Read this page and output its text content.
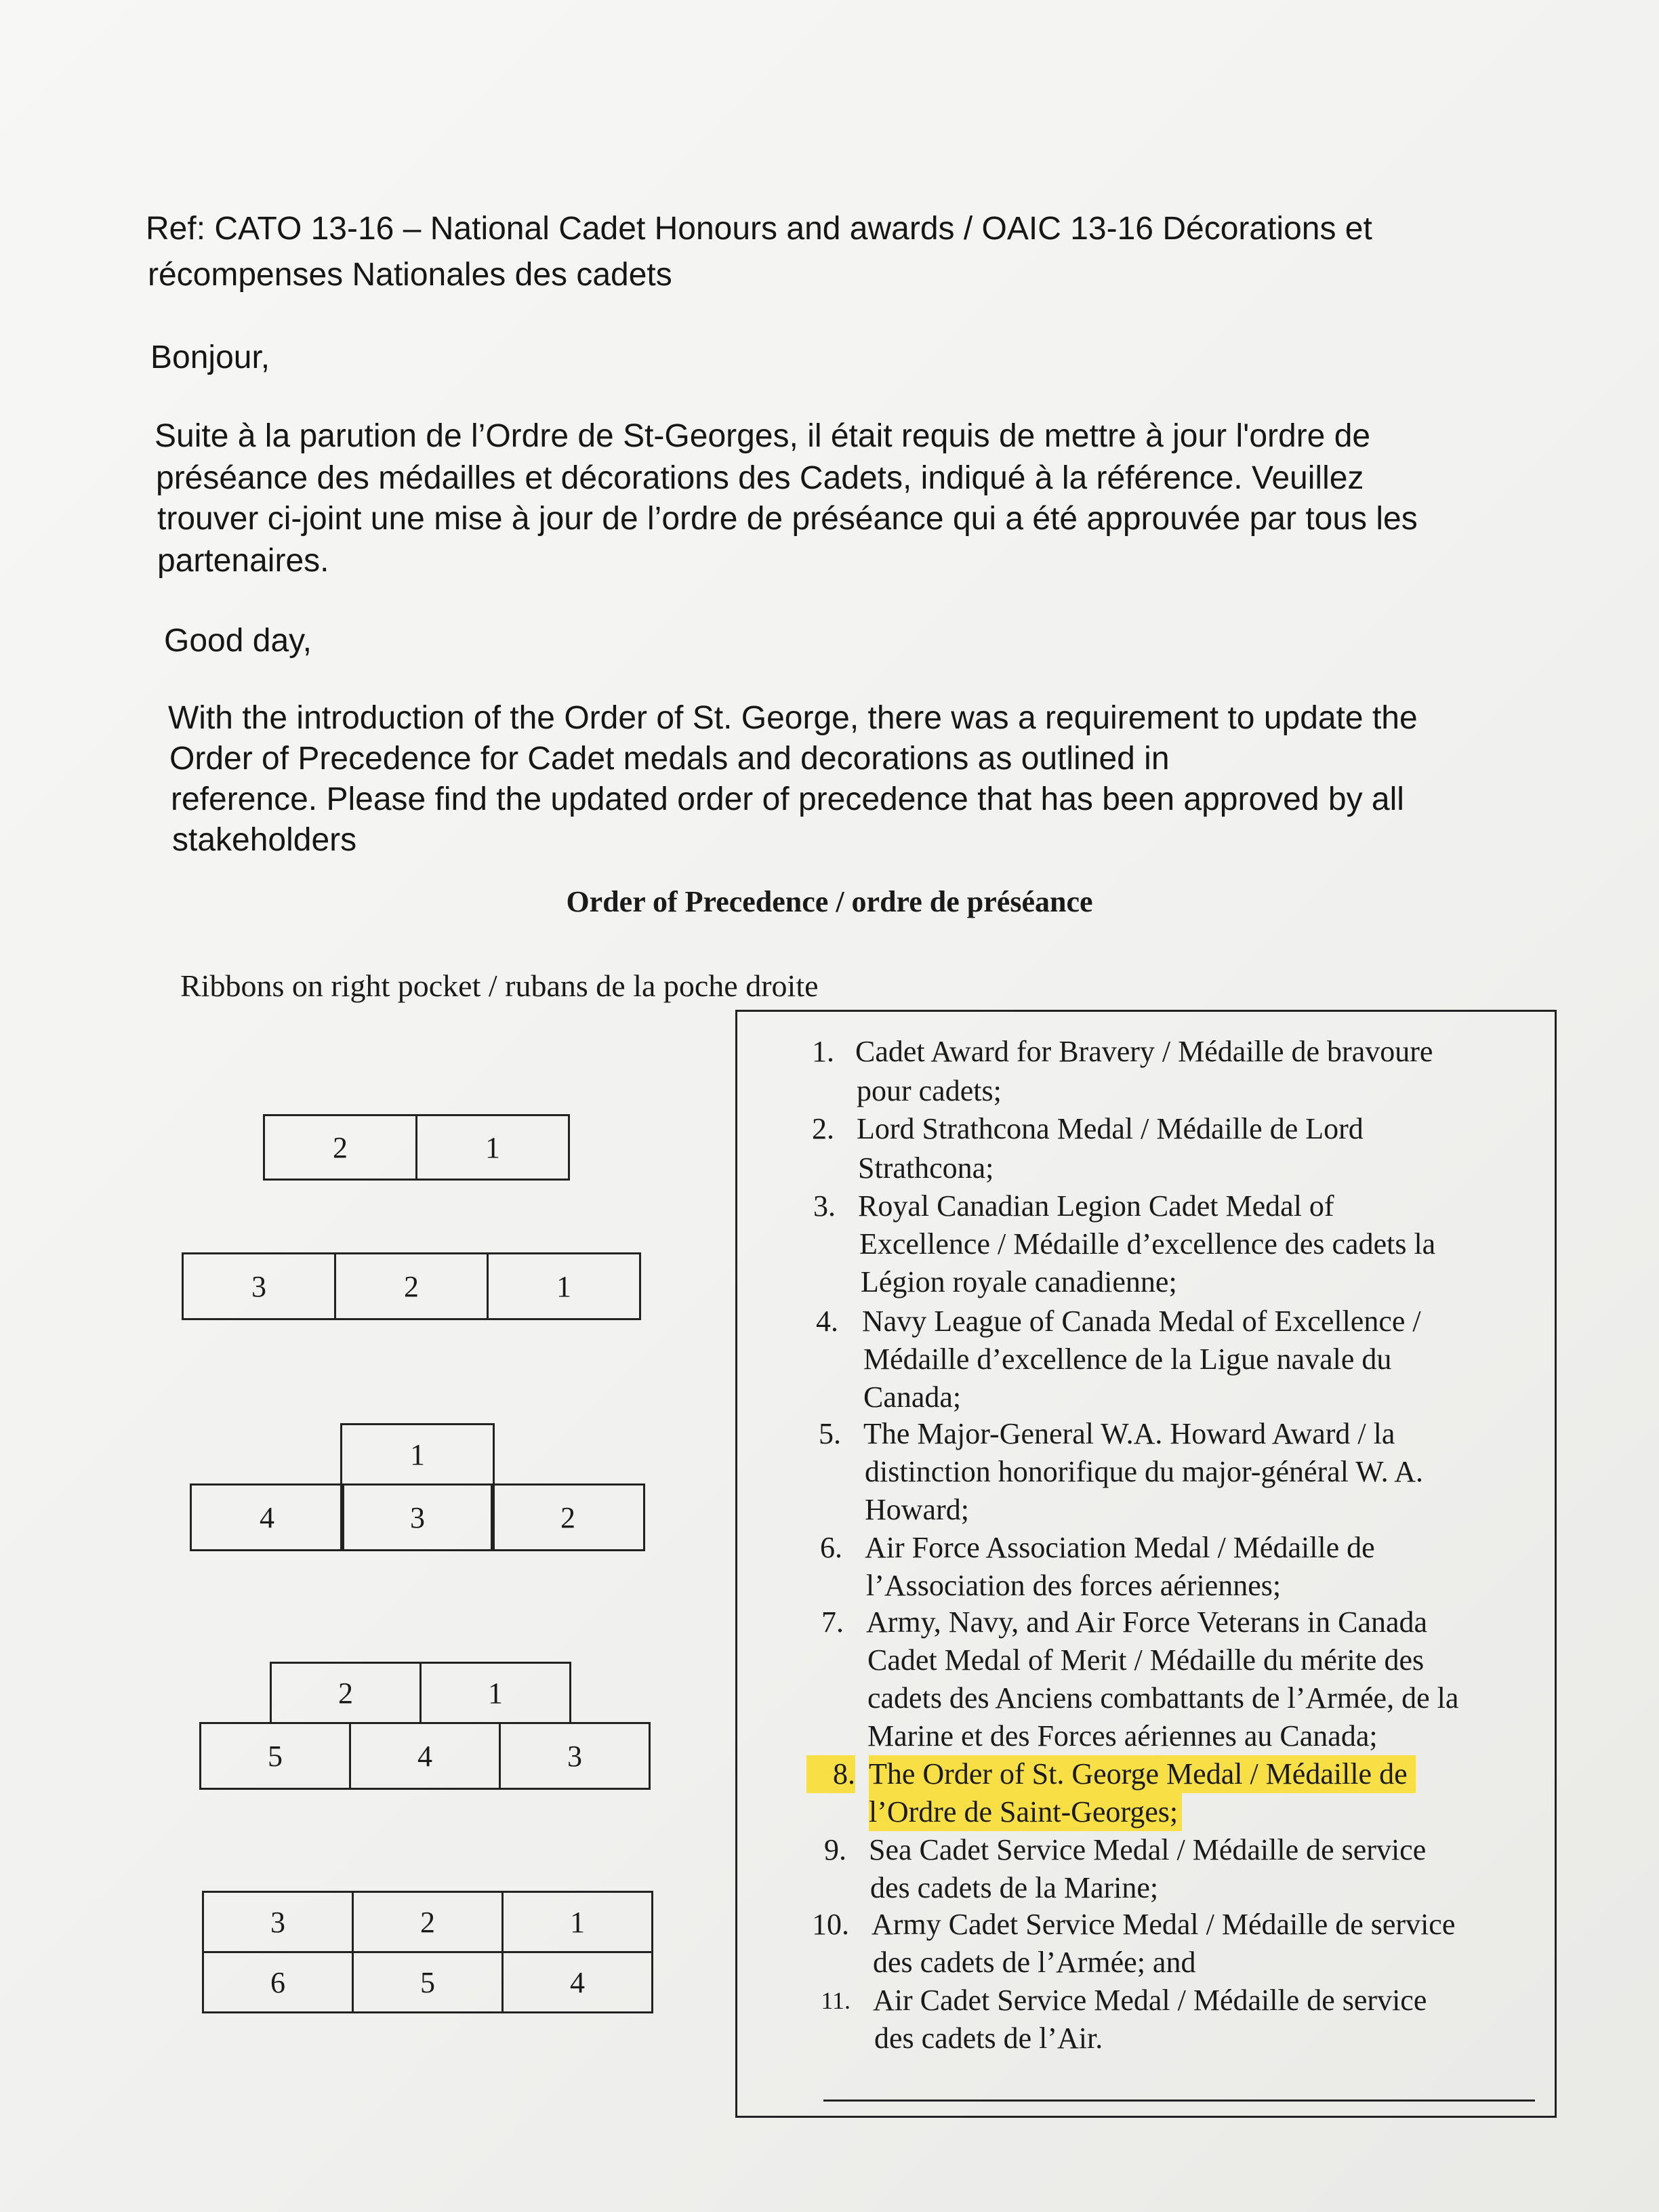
Ref: CATO 13-16 – National Cadet Honours and awards / OAIC 13-16 Décorations et
récompenses Nationales des cadets
Bonjour,
Suite à la parution de l’Ordre de St-Georges, il était requis de mettre à jour l'ordre de
préséance des médailles et décorations des Cadets, indiqué à la référence. Veuillez
trouver ci-joint une mise à jour de l’ordre de préséance qui a été approuvée par tous les
partenaires.
Good day,
With the introduction of the Order of St. George, there was a requirement to update the
Order of Precedence for Cadet medals and decorations as outlined in
reference. Please find the updated order of precedence that has been approved by all
stakeholders
Order of Precedence / ordre de préséance
Ribbons on right pocket / rubans de la poche droite
2	1
3	2	1
1
4	3	2
2	1
5	4	3
3	2	1
6	5	4
1. Cadet Award for Bravery / Médaille de bravoure
pour cadets;
2. Lord Strathcona Medal / Médaille de Lord
Strathcona;
3. Royal Canadian Legion Cadet Medal of
Excellence / Médaille d’excellence des cadets la
Légion royale canadienne;
4. Navy League of Canada Medal of Excellence /
Médaille d’excellence de la Ligue navale du
Canada;
5. The Major-General W.A. Howard Award / la
distinction honorifique du major-général W. A.
Howard;
6. Air Force Association Medal / Médaille de
l’Association des forces aériennes;
7. Army, Navy, and Air Force Veterans in Canada
Cadet Medal of Merit / Médaille du mérite des
cadets des Anciens combattants de l’Armée, de la
Marine et des Forces aériennes au Canada;
8. The Order of St. George Medal / Médaille de
l’Ordre de Saint-Georges;
9. Sea Cadet Service Medal / Médaille de service
des cadets de la Marine;
10. Army Cadet Service Medal / Médaille de service
des cadets de l’Armée; and
11. Air Cadet Service Medal / Médaille de service
des cadets de l’Air.
